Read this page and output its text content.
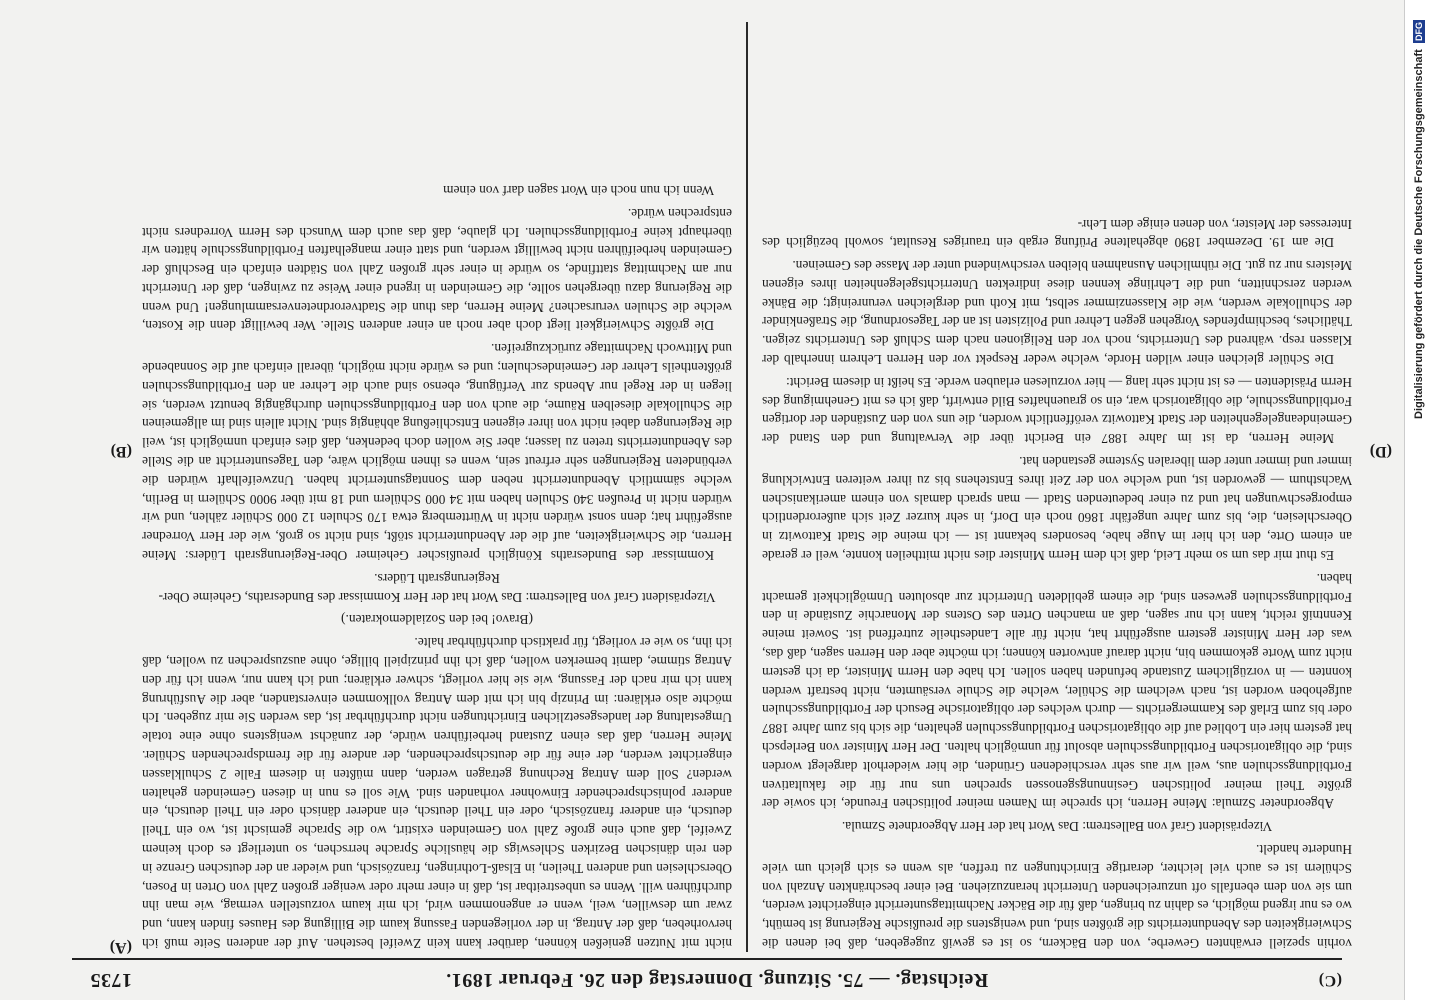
(C)
Reichstag. — 75. Sitzung. Donnerstag den 26. Februar 1891.
1735

vorhin speziell erwähnten Gewerbe, von den Bäckern, so ist es gewiß zugegeben, daß bei denen die Schwierigkeiten des Abendunterrichts die größten sind, und wenigstens die preußische Regierung ist bemüht, wo es nur irgend möglich, es dahin zu bringen, daß für die Bäcker Nachmittagsunterricht eingerichtet werden, um sie von dem ebenfalls oft unzureichenden Unterricht heranzuziehen. Bei einer beschränkten Anzahl von Schülern ist es auch viel leichter, derartige Einrichtungen zu treffen, als wenn es sich gleich um viele Hunderte handelt.

Vizepräsident Graf von Ballestrem: Das Wort hat der Herr Abgeordnete Szmula.

Abgeordneter Szmula: Meine Herren, ich spreche im Namen meiner politischen Freunde, ich sowie der größte Theil meiner politischen Gesinnungsgenossen sprechen uns nur für die fakultativen Fortbildungsschulen aus, weil wir aus sehr verschiedenen Gründen, die hier wiederholt dargelegt worden sind, die obligatorischen Fortbildungsschulen absolut für unmöglich halten. Der Herr Minister von Berlepsch hat gestern hier ein Loblied auf die obligatorischen Fortbildungsschulen gehalten, die sich bis zum Jahre 1887 oder bis zum Erlaß des Kammergerichts — durch welches der obligatorische Besuch der Fortbildungsschulen aufgehoben worden ist, nach welchem die Schüler, welche die Schule versäumten, nicht bestraft werden konnten — in vorzüglichem Zustande befunden haben sollen. Ich habe den Herrn Minister, da ich gestern nicht zum Worte gekommen bin, nicht darauf antworten können; ich möchte aber den Herren sagen, daß das, was der Herr Minister gestern ausgeführt hat, nicht für alle Landestheile zutreffend ist. Soweit meine Kenntniß reicht, kann ich nur sagen, daß an manchen Orten des Ostens der Monarchie Zustände in den Fortbildungsschulen gewesen sind, die einem gebildeten Unterricht zur absoluten Unmöglichkeit gemacht haben.

Es thut mir das um so mehr Leid, daß ich dem Herrn Minister dies nicht mittheilen konnte, weil er gerade an einem Orte, den ich hier im Auge habe, besonders bekannt ist — ich meine die Stadt Kattowitz in Oberschlesien, die, bis zum Jahre ungefähr 1860 noch ein Dorf, in sehr kurzer Zeit sich außerordentlich emporgeschwungen hat und zu einer bedeutenden Stadt — man sprach damals von einem amerikanischen Wachsthum — geworden ist, und welche von der Zeit ihres Entstehens bis zu ihrer weiteren Entwicklung immer und immer unter dem liberalen Systeme gestanden hat.

Meine Herren, da ist im Jahre 1887 ein Bericht über die Verwaltung und den Stand der Gemeindeangelegenheiten der Stadt Kattowitz veröffentlicht worden, die uns von den Zuständen der dortigen Fortbildungsschule, die obligatorisch war, ein so grauenhaftes Bild entwirft, daß ich es mit Genehmigung des Herrn Präsidenten — es ist nicht sehr lang — hier vorzulesen erlauben werde. Es heißt in diesem Bericht:

Die Schüler gleichen einer wilden Horde, welche weder Respekt vor den Herren Lehrern innerhalb der Klassen resp. während des Unterrichts, noch vor den Religionen nach dem Schluß des Unterrichts zeigen. Thätliches, beschimpfendes Vorgehen gegen Lehrer und Polizisten ist an der Tagesordnung, die Straßenkinder der Schullokale werden, wie die Klassenzimmer selbst, mit Koth und dergleichen verunreinigt; die Bänke werden zerschnitten, und die Lehrlinge kennen diese indirekten Unterrichtsgelegenheiten ihres eigenen Meisters nur zu gut. Die rühmlichen Ausnahmen bleiben verschwindend unter der Masse des Gemeinen.

Die am 19. Dezember 1890 abgehaltene Prüfung ergab ein trauriges Resultat, sowohl bezüglich des Interesses der Meister, von denen einige dem Lehr-

nicht mit Nutzen genießen können, darüber kann kein Zweifel bestehen. Auf der anderen Seite muß ich hervorheben, daß der Antrag, in der vorliegenden Fassung kaum die Billigung des Hauses finden kann, und zwar um deswillen, weil, wenn er angenommen wird, ich mir kaum vorzustellen vermag, wie man ihn durchführen will. Wenn es unbestreitbar ist, daß in einer mehr oder weniger großen Zahl von Orten in Posen, Oberschlesien und anderen Theilen, in Elsaß-Lothringen, französisch, und wieder an der deutschen Grenze in den rein dänischen Bezirken Schleswigs die häusliche Sprache herrschen, so unterliegt es doch keinem Zweifel, daß auch eine große Zahl von Gemeinden existirt, wo die Sprache gemischt ist, wo ein Theil deutsch, ein anderer französisch, oder ein Theil deutsch, ein anderer dänisch oder ein Theil deutsch, ein anderer polnischsprechender Einwohner vorhanden sind. Wie soll es nun in diesen Gemeinden gehalten werden? Soll dem Antrag Rechnung getragen werden, dann müßten in diesem Falle 2 Schulklassen eingerichtet werden, der eine für die deutschsprechenden, der andere für die fremdsprechenden Schüler. Meine Herren, daß das einen Zustand herbeiführen würde, der zunächst wenigstens ohne eine totale Umgestaltung der landesgesetzlichen Einrichtungen nicht durchführbar ist, das werden Sie mir zugeben. Ich möchte also erklären: im Prinzip bin ich mit dem Antrag vollkommen einverstanden, aber die Ausführung kann ich mir nach der Fassung, wie sie hier vorliegt, schwer erklären; und ich kann nur, wenn ich für den Antrag stimme, damit bemerken wollen, daß ich ihn prinzipiell billige, ohne auszusprechen zu wollen, daß ich ihn, so wie er vorliegt, für praktisch durchführbar halte.

(Bravo! bei den Sozialdemokraten.)

Vizepräsident Graf von Ballestrem: Das Wort hat der Herr Kommissar des Bundesraths, Geheime Ober-Regierungsrath Lüders.

Kommissar des Bundesraths Königlich preußischer Geheimer Ober-Regierungsrath Lüders: Meine Herren, die Schwierigkeiten, auf die der Abendunterricht stößt, sind nicht so groß, wie der Herr Vorredner ausgeführt hat; denn sonst würden nicht in Württemberg etwa 170 Schulen 12 000 Schüler zählen, und wir würden nicht in Preußen 340 Schulen haben mit 34 000 Schülern und 18 mit über 9000 Schülern in Berlin, welche sämmtlich Abendunterricht neben dem Sonntagsunterricht haben. Unzweifelhaft würden die verbündeten Regierungen sehr erfreut sein, wenn es ihnen möglich wäre, den Tagesunterricht an die Stelle des Abendunterrichts treten zu lassen; aber Sie wollen doch bedenken, daß dies einfach unmöglich ist, weil die Regierungen dabei nicht von ihrer eigenen Entschließung abhängig sind. Nicht allein sind im allgemeinen die Schullokale dieselben Räume, die auch von den Fortbildungsschulen durchgängig benutzt werden, sie liegen in der Regel nur Abends zur Verfügung, ebenso sind auch die Lehrer an den Fortbildungsschulen größtentheils Lehrer der Gemeindeschulen; und es würde nicht möglich, überall einfach auf die Sonnabende und Mittwoch Nachmittage zurückzugreifen.

Die größte Schwierigkeit liegt doch aber noch an einer anderen Stelle. Wer bewilligt denn die Kosten, welche die Schulen verursachen? Meine Herren, das thun die Stadtverordnetenversammlungen! Und wenn die Regierung dazu übergehen sollte, die Gemeinden in irgend einer Weise zu zwingen, daß der Unterricht nur am Nachmittag stattfinde, so würde in einer sehr großen Zahl von Städten einfach ein Beschluß der Gemeinden herbeiführen nicht bewilligt werden, und statt einer mangelhaften Fortbildungsschule hätten wir überhaupt keine Fortbildungsschulen. Ich glaube, daß das auch dem Wunsch des Herrn Vorredners nicht entsprechen würde.

Wenn ich nun noch ein Wort sagen darf von einem

(A)
(B)	(D)
Digitalisierung gefördert durch die Deutsche Forschungsgemeinschaft
DFG
